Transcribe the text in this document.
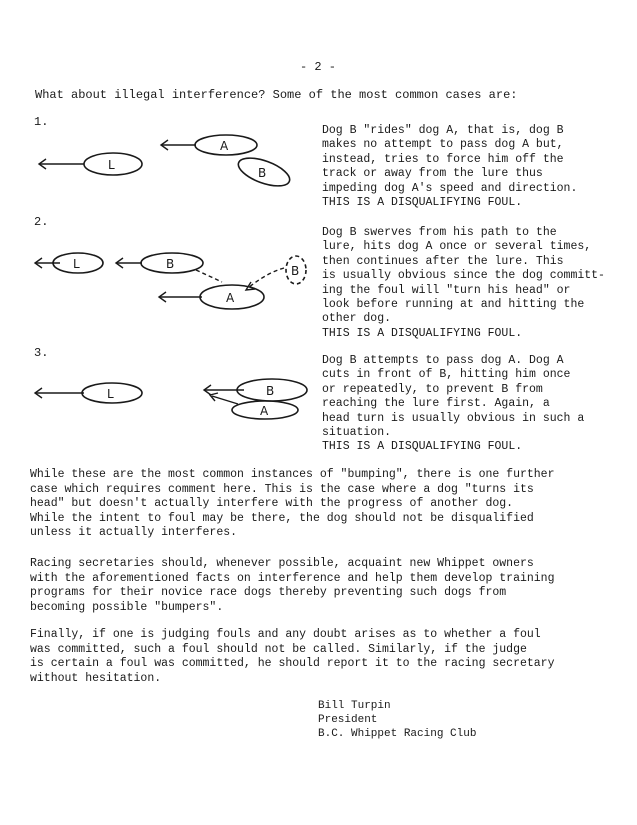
- 2 -
What about illegal interference? Some of the most common cases are:
1.
L
A
B

Dog B "rides" dog A, that is, dog B
makes no attempt to pass dog A but,
instead, tries to force him off the
track or away from the lure thus
impeding dog A's speed and direction.
THIS IS A DISQUALIFYING FOUL.

2.
L	B
A
B

Dog B swerves from his path to the
lure, hits dog A once or several times,
then continues after the lure. This
is usually obvious since the dog committ-
ing the foul will "turn his head" or
look before running at and hitting the
other dog.
THIS IS A DISQUALIFYING FOUL.

3.
L	B
A

Dog B attempts to pass dog A. Dog A
cuts in front of B, hitting him once
or repeatedly, to prevent B from
reaching the lure first. Again, a
head turn is usually obvious in such a
situation.
THIS IS A DISQUALIFYING FOUL.

While these are the most common instances of "bumping", there is one further
case which requires comment here. This is the case where a dog "turns its
head" but doesn't actually interfere with the progress of another dog.
While the intent to foul may be there, the dog should not be disqualified
unless it actually interferes.

Racing secretaries should, whenever possible, acquaint new Whippet owners
with the aforementioned facts on interference and help them develop training
programs for their novice race dogs thereby preventing such dogs from
becoming possible "bumpers".

Finally, if one is judging fouls and any doubt arises as to whether a foul
was committed, such a foul should not be called. Similarly, if the judge
is certain a foul was committed, he should report it to the racing secretary
without hesitation.

Bill Turpin
President
B.C. Whippet Racing Club
